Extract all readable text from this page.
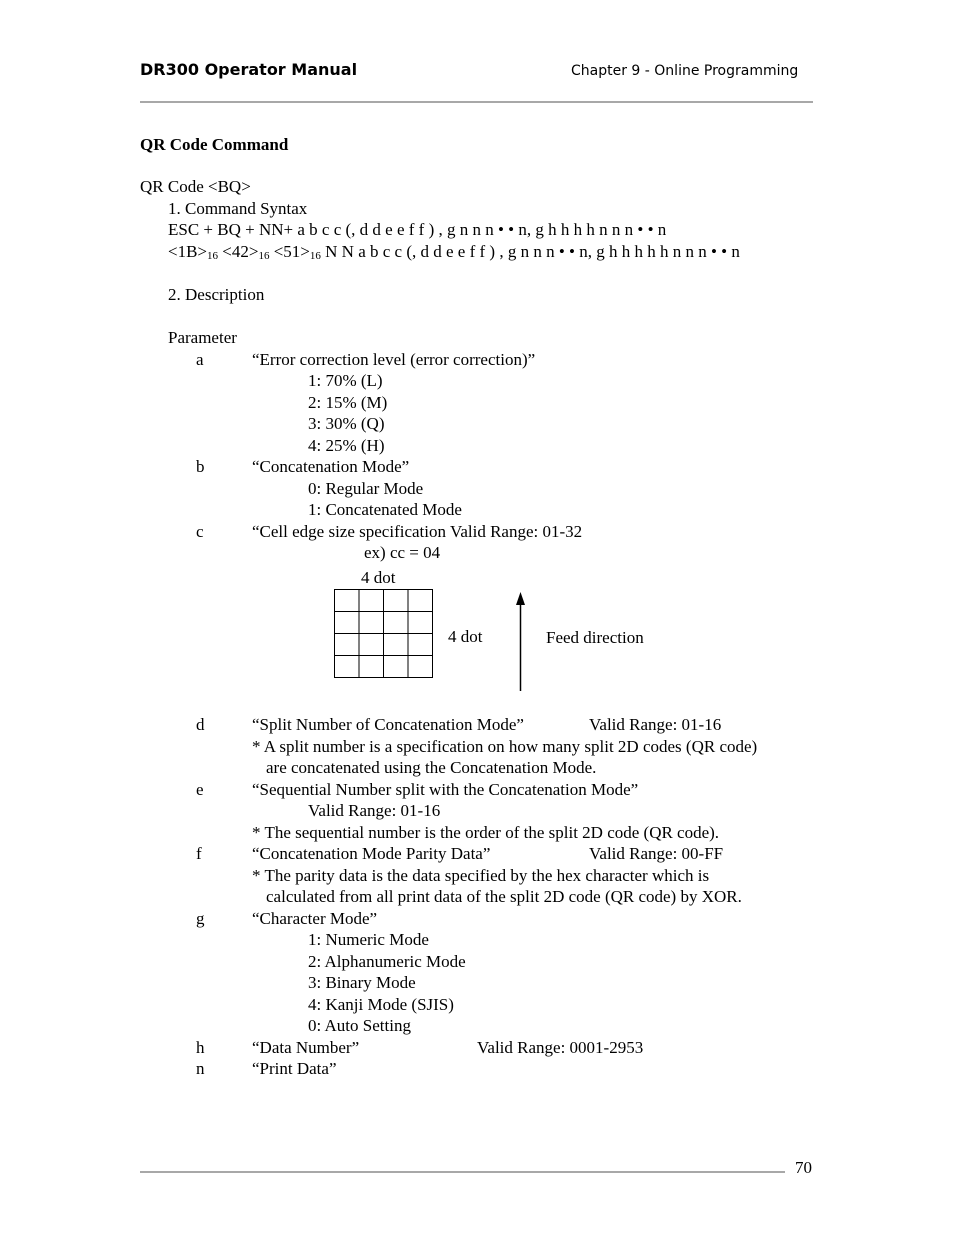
DR300 Operator Manual	Chapter 9 - Online Programming
QR Code Command
QR Code <BQ>
1. Command Syntax
ESC + BQ + NN+ a b c c (, d d e e f f ) , g n n n • • n, g h h h h n n n • • n
<1B>16 <42>16 <51>16 N N a b c c (, d d e e f f ) , g n n n • • n, g h h h h h n n n • • n
2. Description
Parameter
a	“Error correction level (error correction)”
1: 70% (L)
2: 15% (M)
3: 30% (Q)
4: 25% (H)
b	“Concatenation Mode”
0: Regular Mode
1: Concatenated Mode
c	“Cell edge size specification Valid Range: 01-32
ex) cc = 04
4 dot
4 dot	Feed direction
d	“Split Number of Concatenation Mode”	Valid Range: 01-16
* A split number is a specification on how many split 2D codes (QR code)
are concatenated using the Concatenation Mode.
e	“Sequential Number split with the Concatenation Mode”
Valid Range: 01-16
* The sequential number is the order of the split 2D code (QR code).
f	“Concatenation Mode Parity Data”	Valid Range: 00-FF
* The parity data is the data specified by the hex character which is
calculated from all print data of the split 2D code (QR code) by XOR.
g	“Character Mode”
1: Numeric Mode
2: Alphanumeric Mode
3: Binary Mode
4: Kanji Mode (SJIS)
0: Auto Setting
h	“Data Number”	Valid Range: 0001-2953
n	“Print Data”
70
